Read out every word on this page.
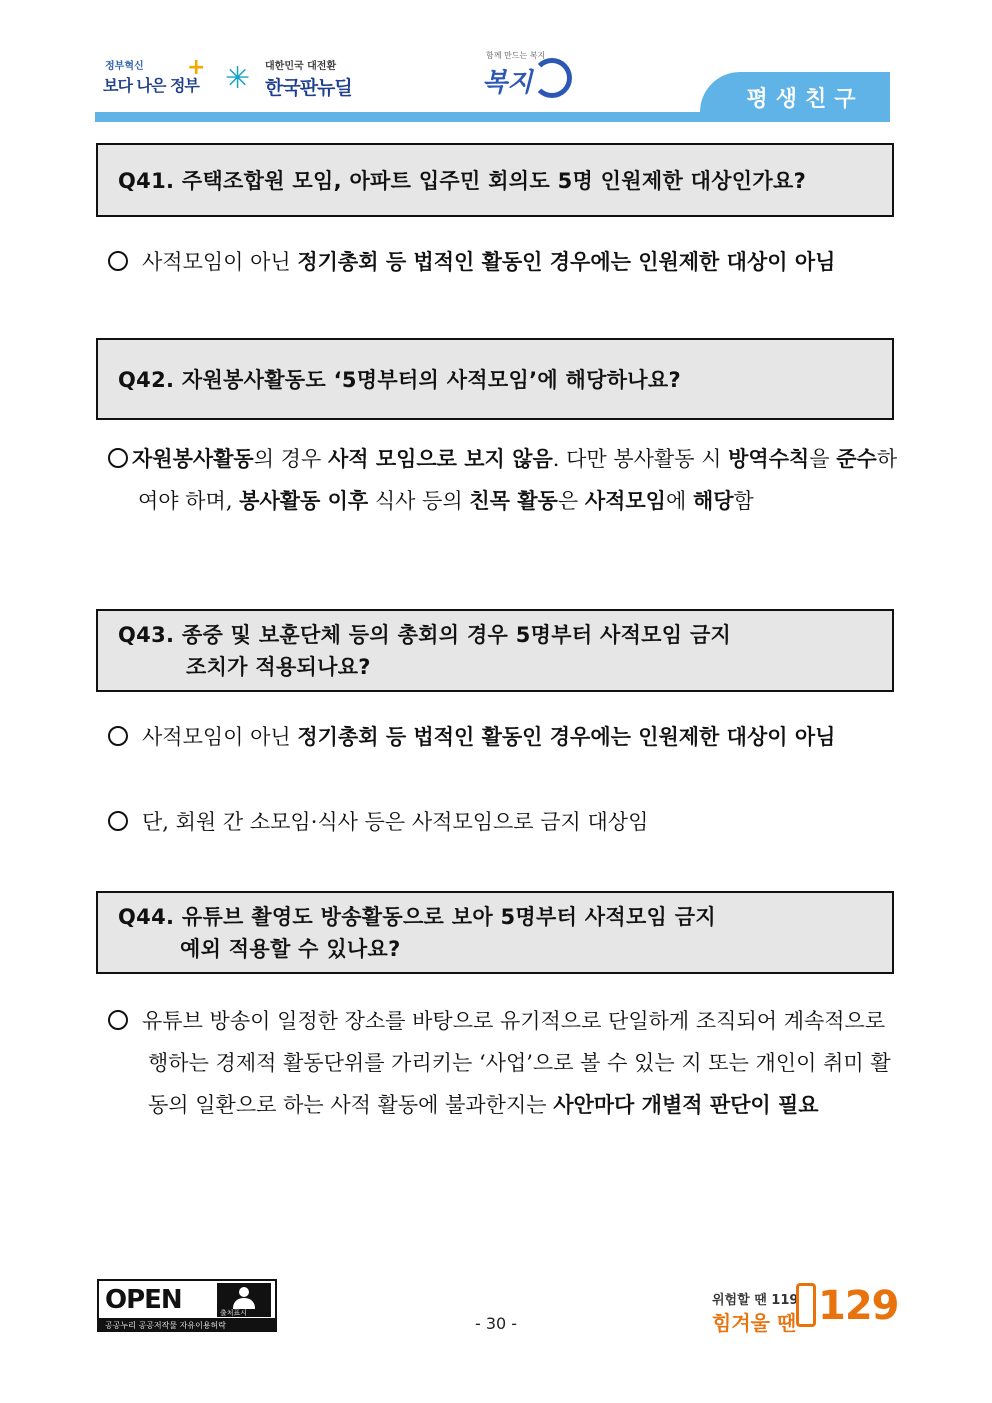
정부혁신
보다 나은 정부
+ ✳ 대한민국 대전환
한국판뉴딜
함께 만드는 복지
복지
평생친구
Q41. 주택조합원 모임, 아파트 입주민 회의도 5명 인원제한 대상인가요?
사적모임이 아닌 정기총회 등 법적인 활동인 경우에는 인원제한 대상이 아님
Q42. 자원봉사활동도 ‘5명부터의 사적모임’에 해당하나요?
자원봉사활동의 경우 사적 모임으로 보지 않음. 다만 봉사활동 시 방역수칙을 준수하여야 하며, 봉사활동 이후 식사 등의 친목 활동은 사적모임에 해당함
Q43. 종중 및 보훈단체 등의 총회의 경우 5명부터 사적모임 금지
조치가 적용되나요?
사적모임이 아닌 정기총회 등 법적인 활동인 경우에는 인원제한 대상이 아님
단, 회원 간 소모임·식사 등은 사적모임으로 금지 대상임
Q44. 유튜브 촬영도 방송활동으로 보아 5명부터 사적모임 금지
예외 적용할 수 있나요?
유튜브 방송이 일정한 장소를 바탕으로 유기적으로 단일하게 조직되어 계속적으로 행하는 경제적 활동단위를 가리키는 ‘사업’으로 볼 수 있는 지 또는 개인이 취미 활동의 일환으로 하는 사적 활동에 불과한지는 사안마다 개별적 판단이 필요
OPEN	출처표시
공공누리 공공저작물 자유이용허락	- 30 -
위험할 땐 119
힘겨울 땐 129
